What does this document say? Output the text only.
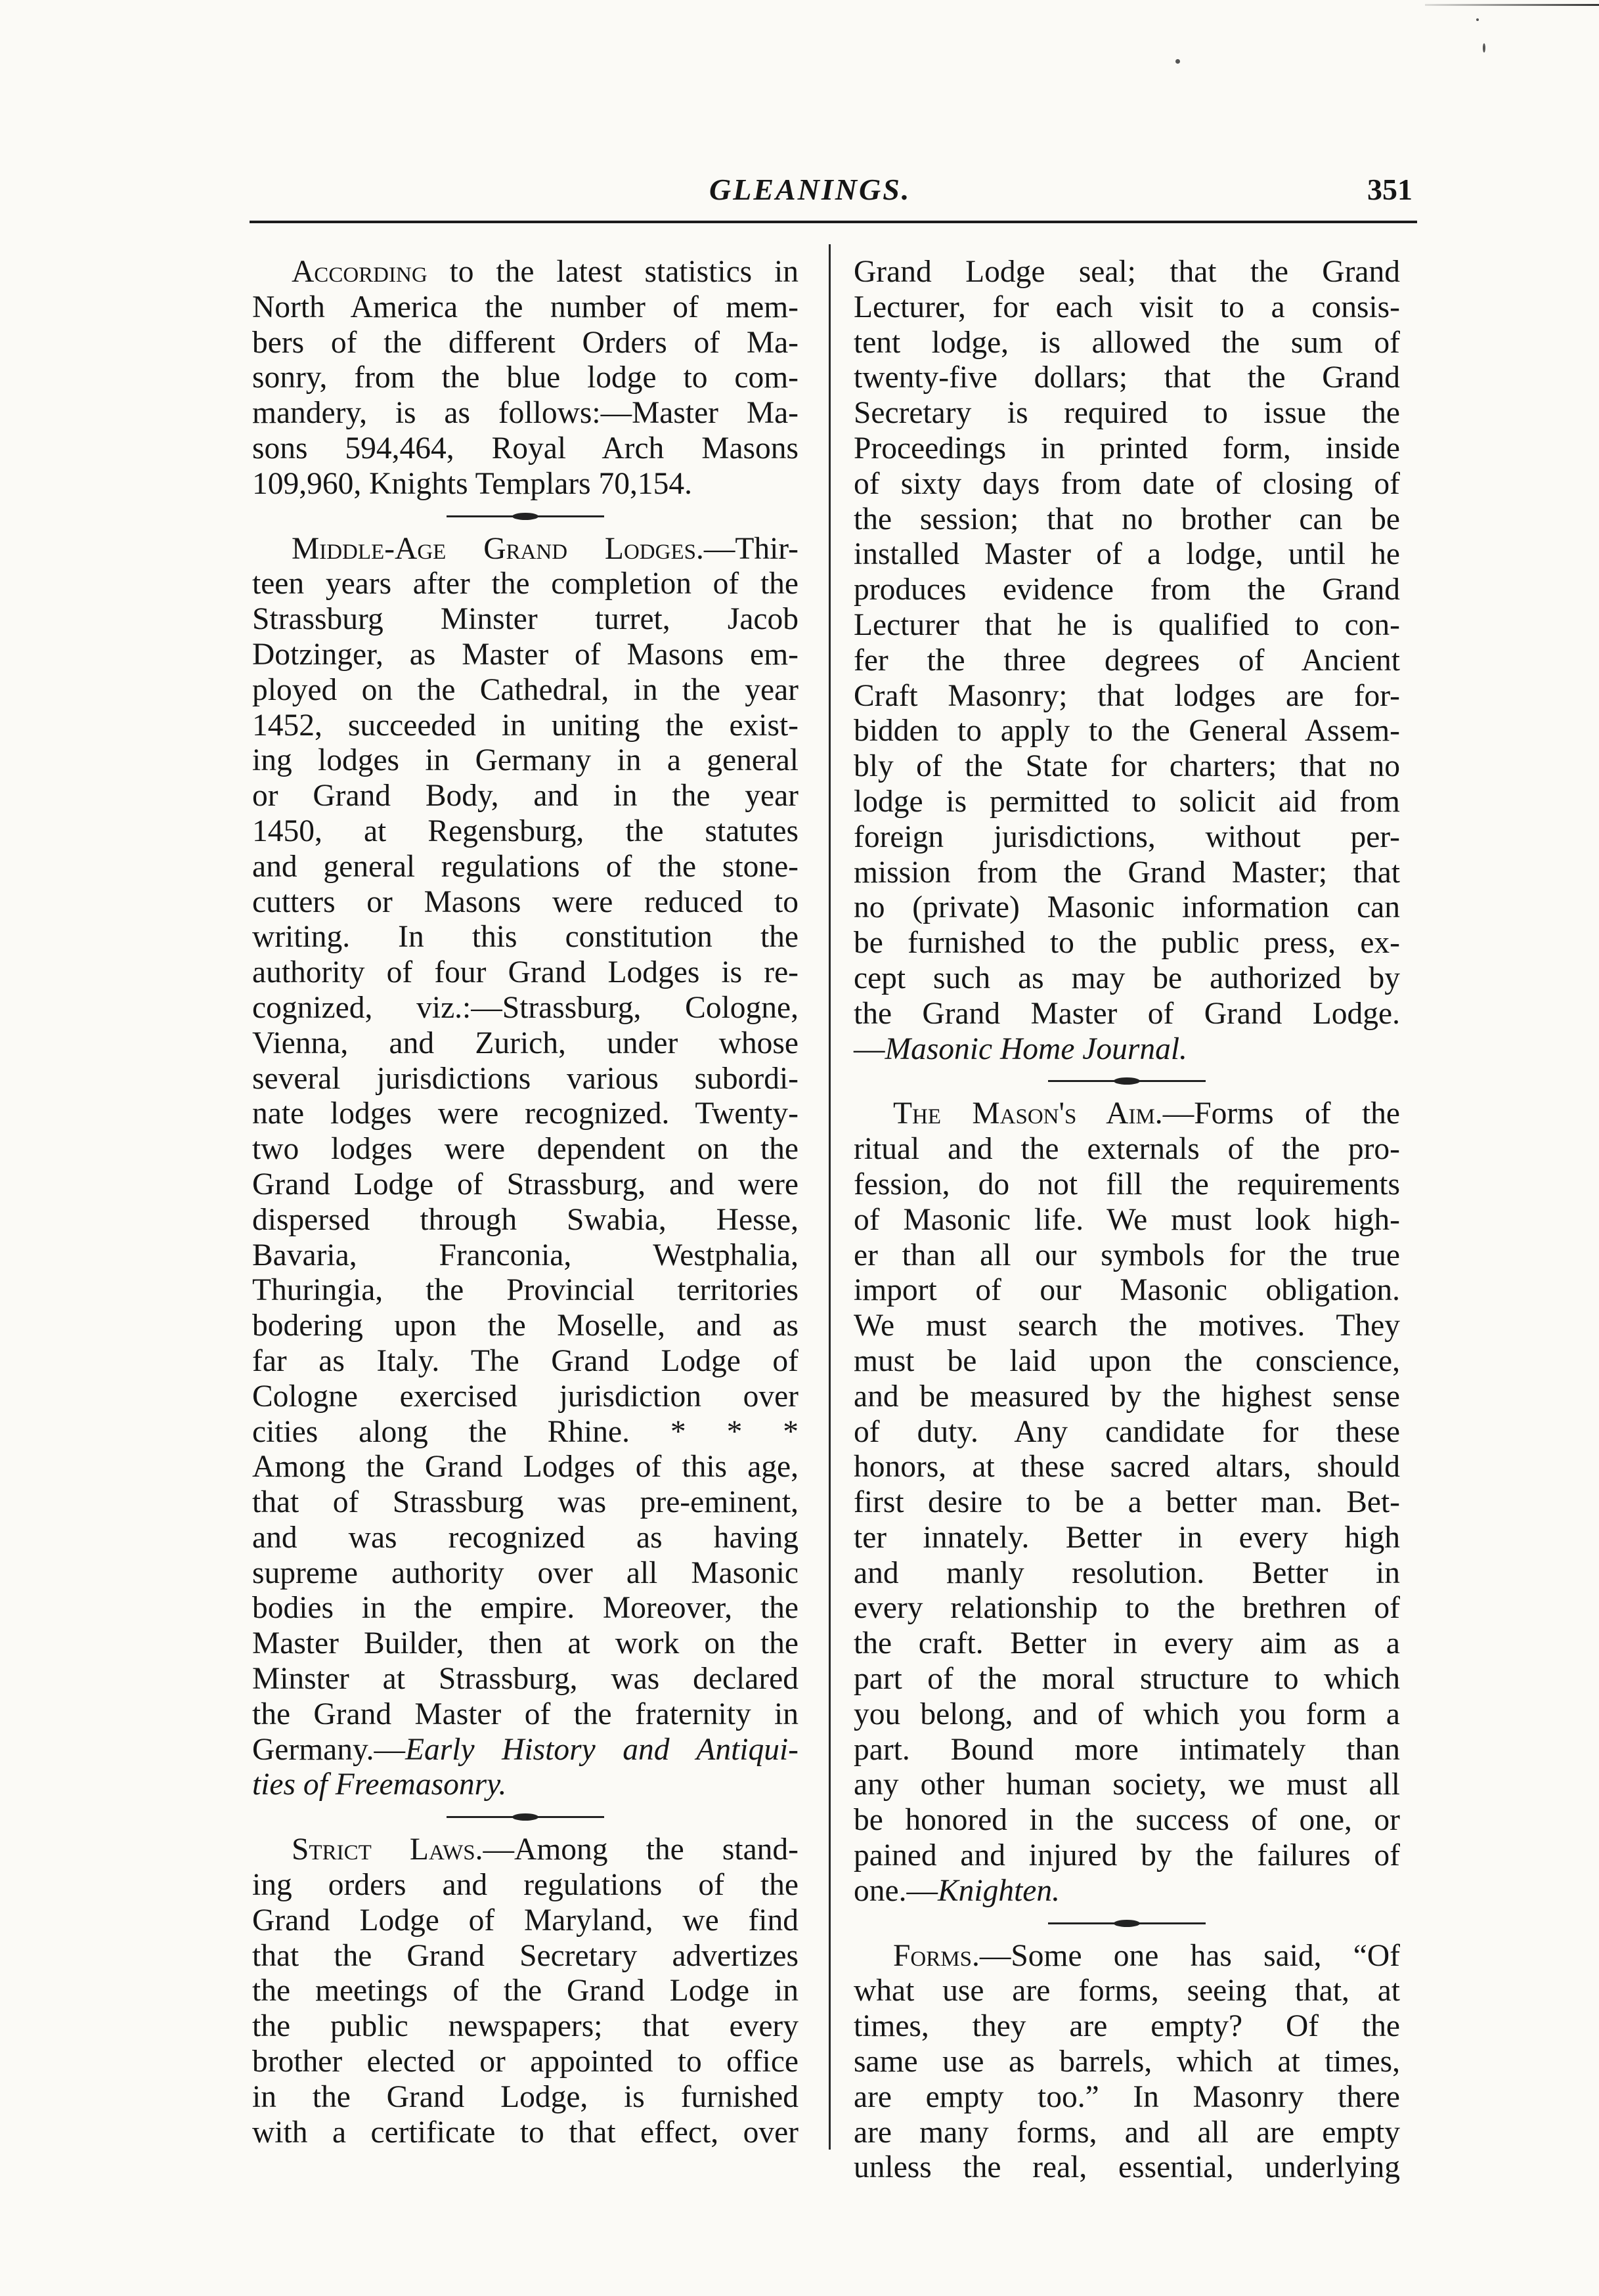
GLEANINGS.	351

According to the latest statistics in
North America the number of mem-
bers of the different Orders of Ma-
sonry, from the blue lodge to com-
mandery, is as follows:—Master Ma-
sons 594,464, Royal Arch Masons
109,960, Knights Templars 70,154.

Middle-Age Grand Lodges.—Thir-
teen years after the completion of the
Strassburg Minster turret, Jacob
Dotzinger, as Master of Masons em-
ployed on the Cathedral, in the year
1452, succeeded in uniting the exist-
ing lodges in Germany in a general
or Grand Body, and in the year
1450, at Regensburg, the statutes
and general regulations of the stone-
cutters or Masons were reduced to
writing. In this constitution the
authority of four Grand Lodges is re-
cognized, viz.:—Strassburg, Cologne,
Vienna, and Zurich, under whose
several jurisdictions various subordi-
nate lodges were recognized. Twenty-
two lodges were dependent on the
Grand Lodge of Strassburg, and were
dispersed through Swabia, Hesse,
Bavaria, Franconia, Westphalia,
Thuringia, the Provincial territories
bodering upon the Moselle, and as
far as Italy. The Grand Lodge of
Cologne exercised jurisdiction over
cities along the Rhine. * * *
Among the Grand Lodges of this age,
that of Strassburg was pre-eminent,
and was recognized as having
supreme authority over all Masonic
bodies in the empire. Moreover, the
Master Builder, then at work on the
Minster at Strassburg, was declared
the Grand Master of the fraternity in
Germany.—Early History and Antiqui-
ties of Freemasonry.

Strict Laws.—Among the stand-
ing orders and regulations of the
Grand Lodge of Maryland, we find
that the Grand Secretary advertizes
the meetings of the Grand Lodge in
the public newspapers; that every
brother elected or appointed to office
in the Grand Lodge, is furnished
with a certificate to that effect, over

Grand Lodge seal; that the Grand
Lecturer, for each visit to a consis-
tent lodge, is allowed the sum of
twenty-five dollars; that the Grand
Secretary is required to issue the
Proceedings in printed form, inside
of sixty days from date of closing of
the session; that no brother can be
installed Master of a lodge, until he
produces evidence from the Grand
Lecturer that he is qualified to con-
fer the three degrees of Ancient
Craft Masonry; that lodges are for-
bidden to apply to the General Assem-
bly of the State for charters; that no
lodge is permitted to solicit aid from
foreign jurisdictions, without per-
mission from the Grand Master; that
no (private) Masonic information can
be furnished to the public press, ex-
cept such as may be authorized by
the Grand Master of Grand Lodge.
—Masonic Home Journal.

The Mason's Aim.—Forms of the
ritual and the externals of the pro-
fession, do not fill the requirements
of Masonic life. We must look high-
er than all our symbols for the true
import of our Masonic obligation.
We must search the motives. They
must be laid upon the conscience,
and be measured by the highest sense
of duty. Any candidate for these
honors, at these sacred altars, should
first desire to be a better man. Bet-
ter innately. Better in every high
and manly resolution. Better in
every relationship to the brethren of
the craft. Better in every aim as a
part of the moral structure to which
you belong, and of which you form a
part. Bound more intimately than
any other human society, we must all
be honored in the success of one, or
pained and injured by the failures of
one.—Knighten.

Forms.—Some one has said, “Of
what use are forms, seeing that, at
times, they are empty? Of the
same use as barrels, which at times,
are empty too.” In Masonry there
are many forms, and all are empty
unless the real, essential, underlying
